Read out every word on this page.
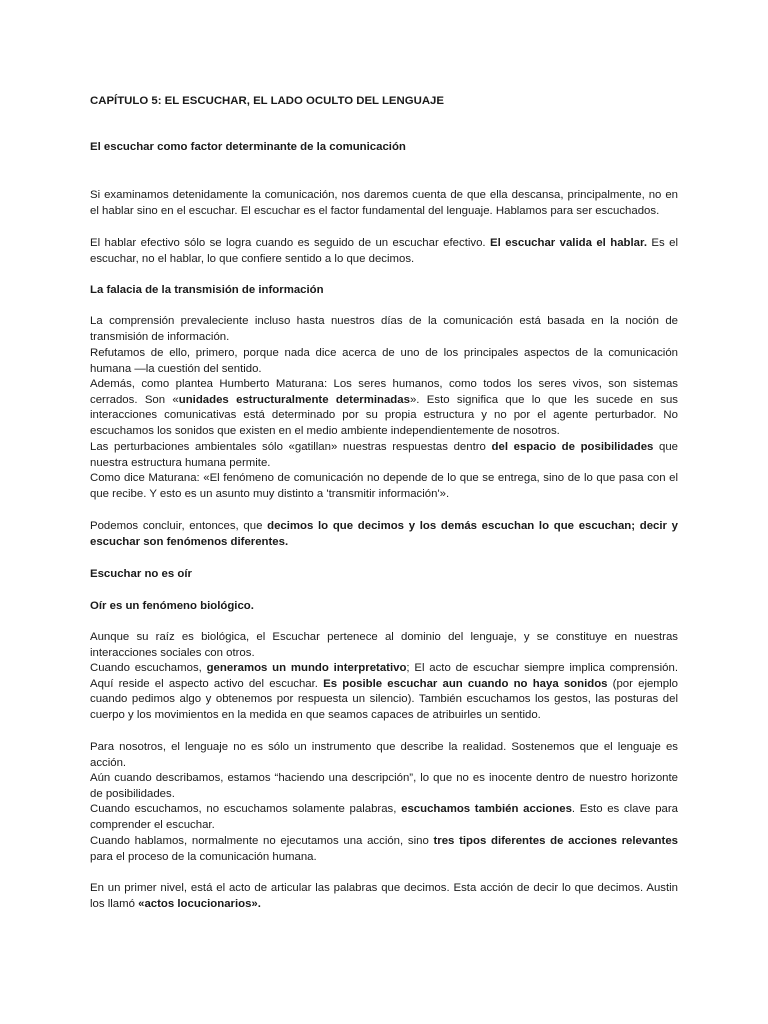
CAPÍTULO 5: EL ESCUCHAR, EL LADO OCULTO DEL LENGUAJE

El escuchar como factor determinante de la comunicación

Si examinamos detenidamente la comunicación, nos daremos cuenta de que ella descansa, principalmente, no en el hablar sino en el escuchar. El escuchar es el factor fundamental del lenguaje. Hablamos para ser escuchados.

El hablar efectivo sólo se logra cuando es seguido de un escuchar efectivo. El escuchar valida el hablar. Es el escuchar, no el hablar, lo que confiere sentido a lo que decimos.

La falacia de la transmisión de información

La comprensión prevaleciente incluso hasta nuestros días de la comunicación está basada en la noción de transmisión de información.

Refutamos de ello, primero, porque nada dice acerca de uno de los principales aspectos de la comunicación humana —la cuestión del sentido.

Además, como plantea Humberto Maturana: Los seres humanos, como todos los seres vivos, son sistemas cerrados. Son «unidades estructuralmente determinadas». Esto significa que lo que les sucede en sus interacciones comunicativas está determinado por su propia estructura y no por el agente perturbador. No escuchamos los sonidos que existen en el medio ambiente independientemente de nosotros.

Las perturbaciones ambientales sólo «gatillan» nuestras respuestas dentro del espacio de posibilidades que nuestra estructura humana permite.

Como dice Maturana: «El fenómeno de comunicación no depende de lo que se entrega, sino de lo que pasa con el que recibe. Y esto es un asunto muy distinto a 'transmitir información'».

Podemos concluir, entonces, que decimos lo que decimos y los demás escuchan lo que escuchan; decir y escuchar son fenómenos diferentes.

Escuchar no es oír

Oír es un fenómeno biológico.

Aunque su raíz es biológica, el Escuchar pertenece al dominio del lenguaje, y se constituye en nuestras interacciones sociales con otros.

Cuando escuchamos, generamos un mundo interpretativo; El acto de escuchar siempre implica comprensión. Aquí reside el aspecto activo del escuchar. Es posible escuchar aun cuando no haya sonidos (por ejemplo cuando pedimos algo y obtenemos por respuesta un silencio). También escuchamos los gestos, las posturas del cuerpo y los movimientos en la medida en que seamos capaces de atribuirles un sentido.

Para nosotros, el lenguaje no es sólo un instrumento que describe la realidad. Sostenemos que el lenguaje es acción.

Aún cuando describamos, estamos “haciendo una descripción”, lo que no es inocente dentro de nuestro horizonte de posibilidades.

Cuando escuchamos, no escuchamos solamente palabras, escuchamos también acciones. Esto es clave para comprender el escuchar.

Cuando hablamos, normalmente no ejecutamos una acción, sino tres tipos diferentes de acciones relevantes para el proceso de la comunicación humana.

En un primer nivel, está el acto de articular las palabras que decimos. Esta acción de decir lo que decimos. Austin los llamó «actos locucionarios».
